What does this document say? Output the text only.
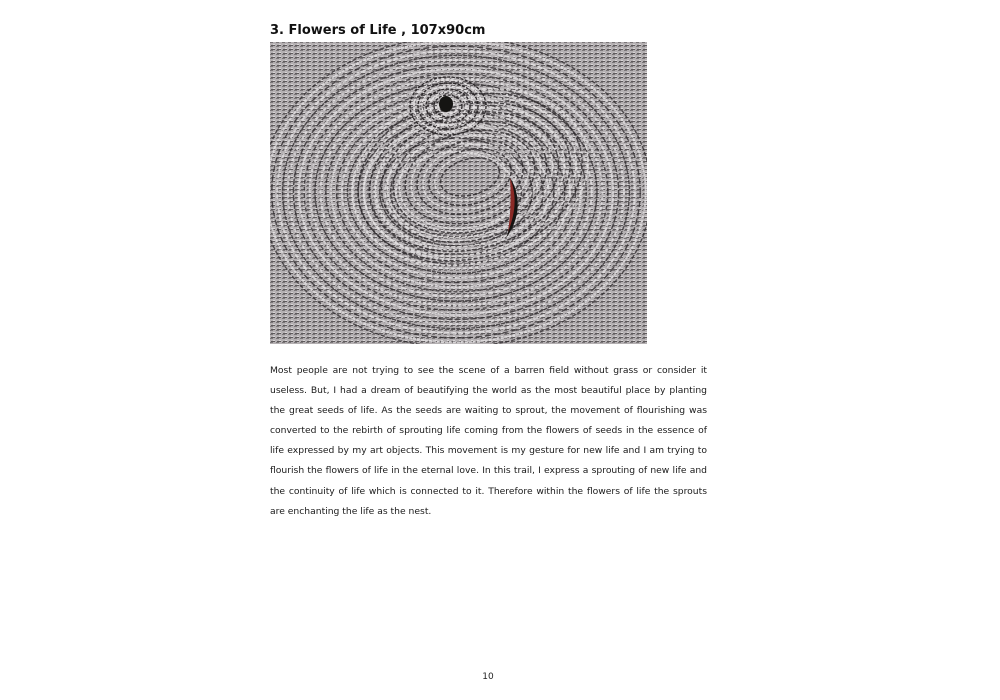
3. Flowers of Life , 107x90cm
Most people are not trying to see the scene of a barren field without grass or consider it useless. But, I had a dream of beautifying the world as the most beautiful place by planting the great seeds of life. As the seeds are waiting to sprout, the movement of flourishing was converted to the rebirth of sprouting life coming from the flowers of seeds in the essence of life expressed by my art objects. This movement is my gesture for new life and I am trying to flourish the flowers of life in the eternal love. In this trail, I express a sprouting of new life and the continuity of life which is connected to it. Therefore within the flowers of life the sprouts are enchanting the life as the nest.
10
